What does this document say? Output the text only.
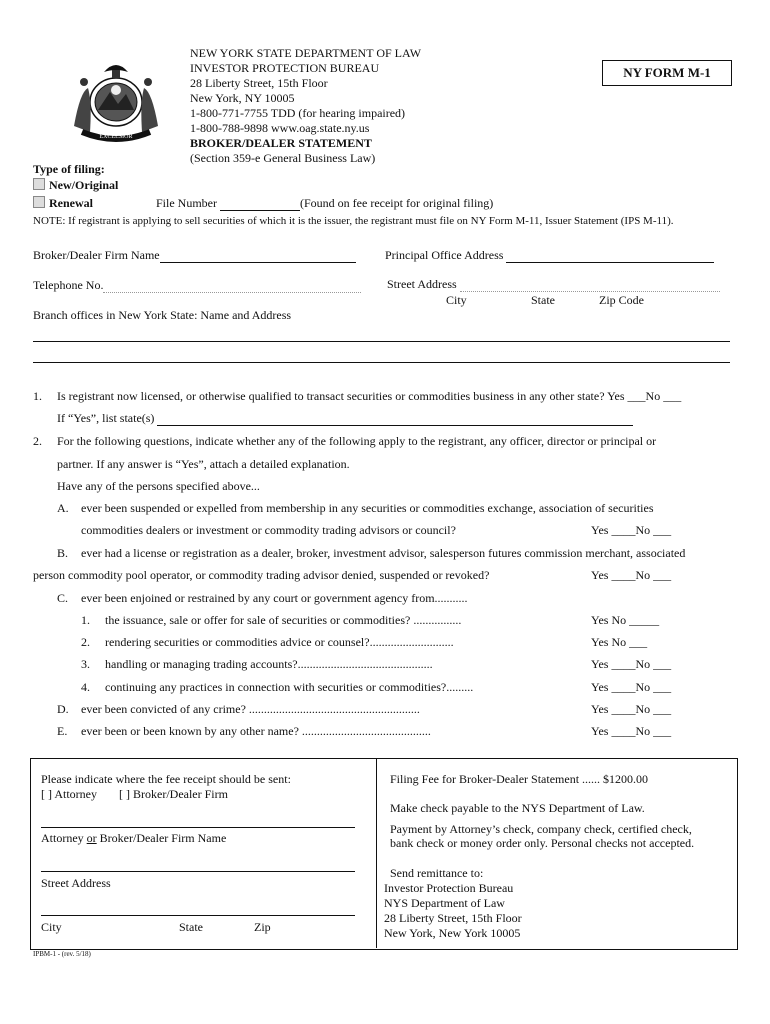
EXCELSIOR
NEW YORK STATE DEPARTMENT OF LAW
INVESTOR PROTECTION BUREAU
28 Liberty Street, 15th Floor
New York, NY 10005
1-800-771-7755 TDD (for hearing impaired)
1-800-788-9898 www.oag.state.ny.us
BROKER/DEALER STATEMENT
(Section 359-e General Business Law)
NY FORM M-1
Type of filing:
New/Original
Renewal	File Number	(Found on fee receipt for original filing)
NOTE: If registrant is applying to sell securities of which it is the issuer, the registrant must file on NY Form M-11, Issuer Statement (IPS M-11).
Broker/Dealer Firm Name	Principal Office Address
Telephone No.	Street Address
City	State	Zip Code
Branch offices in New York State: Name and Address
1. Is registrant now licensed, or otherwise qualified to transact securities or commodities business in any other state? Yes ___No ___
If “Yes”, list state(s)
2. For the following questions, indicate whether any of the following apply to the registrant, any officer, director or principal or
partner. If any answer is “Yes”, attach a detailed explanation.
Have any of the persons specified above...
A. ever been suspended or expelled from membership in any securities or commodities exchange, association of securities
commodities dealers or investment or commodity trading advisors or council?	Yes ____No ___
B. ever had a license or registration as a dealer, broker, investment advisor, salesperson futures commission merchant, associated
person commodity pool operator, or commodity trading advisor denied, suspended or revoked?	Yes ____No ___
C. ever been enjoined or restrained by any court or government agency from...........
1. the issuance, sale or offer for sale of securities or commodities? ................	Yes No _____
2. rendering securities or commodities advice or counsel?............................	Yes No ___
3. handling or managing trading accounts?.............................................	Yes ____No ___
4. continuing any practices in connection with securities or commodities?.........	Yes ____No ___
D. ever been convicted of any crime? .........................................................	Yes ____No ___
E. ever been or been known by any other name? ...........................................	Yes ____No ___
Please indicate where the fee receipt should be sent:
[ ] Attorney [ ] Broker/Dealer Firm
Attorney or Broker/Dealer Firm Name
Street Address
City	State	Zip
Filing Fee for Broker-Dealer Statement ...... $1200.00
Make check payable to the NYS Department of Law.
Payment by Attorney’s check, company check, certified check,
bank check or money order only. Personal checks not accepted.
Send remittance to:
Investor Protection Bureau
NYS Department of Law
28 Liberty Street, 15th Floor
New York, New York 10005
IPBM-1 - (rev. 5/18)
